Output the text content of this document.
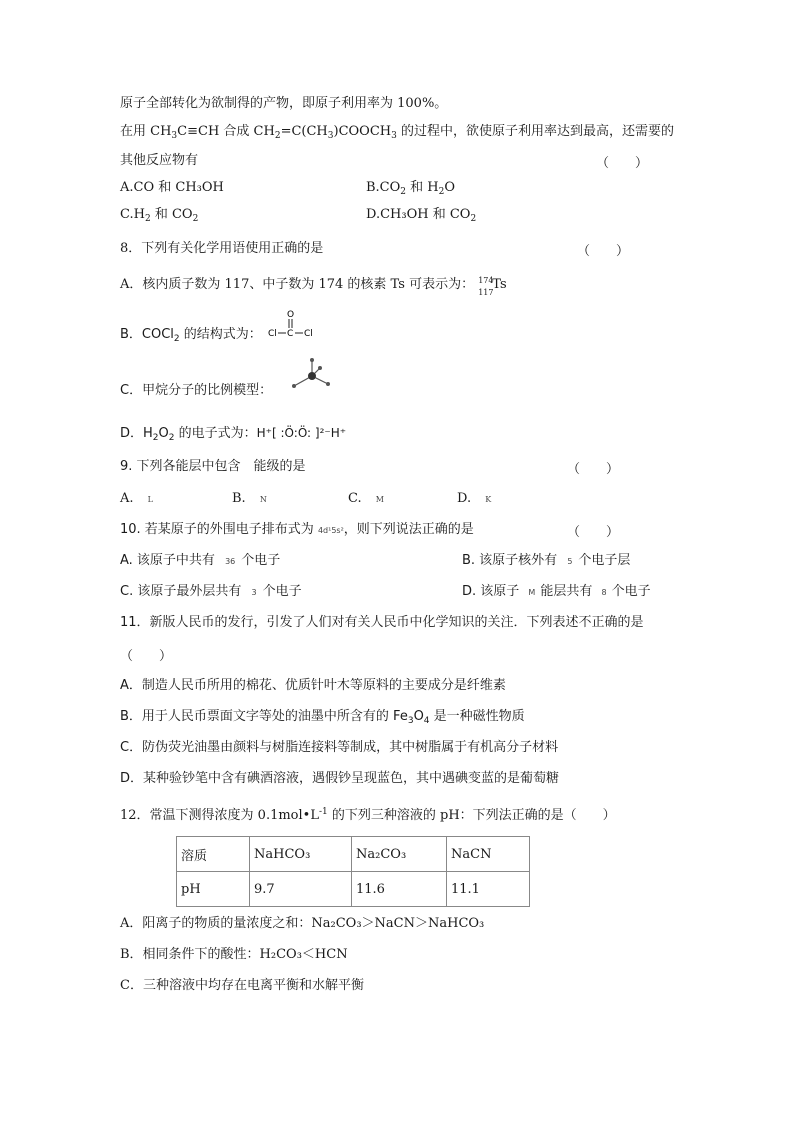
原子全部转化为欲制得的产物，即原子利用率为 100%。
在用 $CH_3C\equiv CH$ 合成 $CH_2=C(CH_3)COOCH_3$ 的过程中，欲使原子利用率达到最高，还需要的
其他反应物有	（　　）
A.CO 和 CH₃OH	$B.CO_2$ 和 $H_2O$
$C.H_2$ 和 $CO_2$	D.CH₃OH 和 $CO_2$
8．下列有关化学用语使用正确的是	（　　）
A．核内质子数为 117、中子数为 174 的核素 Ts 可表示为： 174
117
Ts
B．COCl$_2$ 的结构式为：
O
C
Cl	Cl
C．甲烷分子的比例模型：
D．$H_2O_2$ 的电子式为：H⁺[ :Ö:Ö: ]²⁻H⁺
9. 下列各能层中包含　能级的是	（　　）
A. L	B. N	C. M	D. K
10. 若某原子的外围电子排布式为 4d¹5s²，则下列说法正确的是	（　　）
A. 该原子中共有 36 个电子	B. 该原子核外有 5 个电子层
C. 该原子最外层共有 3 个电子	D. 该原子 M 能层共有 8 个电子
11．新版人民币的发行，引发了人们对有关人民币中化学知识的关注．下列表述不正确的是
（　　）
A．制造人民币所用的棉花、优质针叶木等原料的主要成分是纤维素
B．用于人民币票面文字等处的油墨中所含有的 $Fe_3O_4$ 是一种磁性物质
C．防伪荧光油墨由颜料与树脂连接料等制成，其中树脂属于有机高分子材料
D．某种验钞笔中含有碘酒溶液，遇假钞呈现蓝色，其中遇碘变蓝的是葡萄糖
12．常温下测得浓度为 $0.1mol•L^{-1}$ 的下列三种溶液的 pH：下列法正确的是（　　）
溶质	NaHCO₃	Na₂CO₃	NaCN
pH	9.7	11.6	11.1
A．阳离子的物质的量浓度之和：Na₂CO₃＞NaCN＞NaHCO₃
B．相同条件下的酸性：H₂CO₃＜HCN
C．三种溶液中均存在电离平衡和水解平衡
